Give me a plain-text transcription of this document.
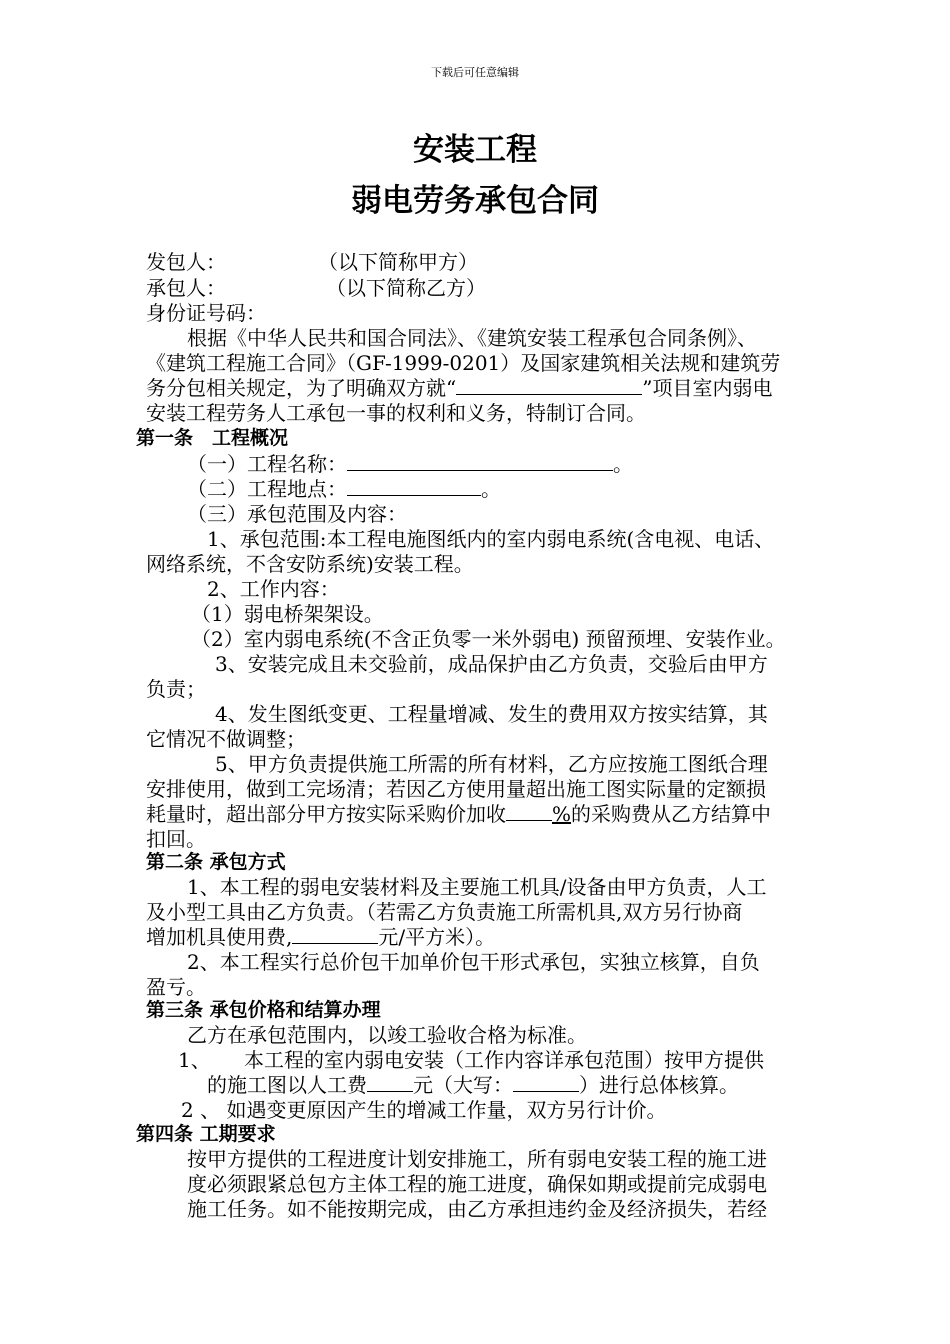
下载后可任意编辑
安装工程
弱电劳务承包合同
发包人：	（以下简称甲方）
承包人：	（以下简称乙方）
身份证号码：
根据《中华人民共和国合同法》、《建筑安装工程承包合同条例》、
《建筑工程施工合同》（GF-1999-0201）及国家建筑相关法规和建筑劳
务分包相关规定，为了明确双方就“	”项目室内弱电
安装工程劳务人工承包一事的权利和义务，特制订合同。
第一条　工程概况
（一）工程名称：	。
（二）工程地点：	。
（三）承包范围及内容：
1、承包范围:本工程电施图纸内的室内弱电系统(含电视、电话、
网络系统，不含安防系统)安装工程。
2、工作内容：
（1）弱电桥架架设。
（2）室内弱电系统(不含正负零一米外弱电) 预留预埋、安装作业。
3、安装完成且未交验前，成品保护由乙方负责，交验后由甲方
负责；
4、发生图纸变更、工程量增减、发生的费用双方按实结算，其
它情况不做调整；
5、甲方负责提供施工所需的所有材料，乙方应按施工图纸合理
安排使用，做到工完场清；若因乙方使用量超出施工图实际量的定额损
耗量时，超出部分甲方按实际采购价加收 %的采购费从乙方结算中
扣回。
第二条 承包方式
1、本工程的弱电安装材料及主要施工机具/设备由甲方负责，人工
及小型工具由乙方负责。（若需乙方负责施工所需机具,双方另行协商
增加机具使用费,	元/平方米）。
2、本工程实行总价包干加单价包干形式承包，实独立核算，自负
盈亏。
第三条 承包价格和结算办理
乙方在承包范围内，以竣工验收合格为标准。
1、 本工程的室内弱电安装（工作内容详承包范围）按甲方提供
的施工图以人工费 元（大写：	）进行总体核算。
2 、 如遇变更原因产生的增减工作量，双方另行计价。
第四条 工期要求
按甲方提供的工程进度计划安排施工，所有弱电安装工程的施工进
度必须跟紧总包方主体工程的施工进度，确保如期或提前完成弱电
施工任务。如不能按期完成，由乙方承担违约金及经济损失，若经
